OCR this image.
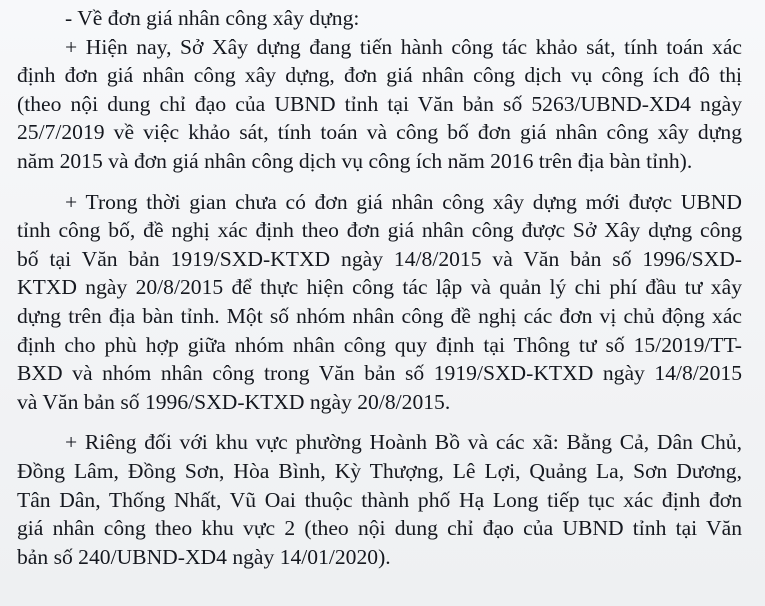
- Về đơn giá nhân công xây dựng:
+ Hiện nay, Sở Xây dựng đang tiến hành công tác khảo sát, tính toán xác
định đơn giá nhân công xây dựng, đơn giá nhân công dịch vụ công ích đô thị
(theo nội dung chỉ đạo của UBND tỉnh tại Văn bản số 5263/UBND-XD4 ngày
25/7/2019 về việc khảo sát, tính toán và công bố đơn giá nhân công xây dựng
năm 2015 và đơn giá nhân công dịch vụ công ích năm 2016 trên địa bàn tỉnh).
+ Trong thời gian chưa có đơn giá nhân công xây dựng mới được UBND
tỉnh công bố, đề nghị xác định theo đơn giá nhân công được Sở Xây dựng công
bố tại Văn bản 1919/SXD-KTXD ngày 14/8/2015 và Văn bản số 1996/SXD-
KTXD ngày 20/8/2015 để thực hiện công tác lập và quản lý chi phí đầu tư xây
dựng trên địa bàn tỉnh. Một số nhóm nhân công đề nghị các đơn vị chủ động xác
định cho phù hợp giữa nhóm nhân công quy định tại Thông tư số 15/2019/TT-
BXD và nhóm nhân công trong Văn bản số 1919/SXD-KTXD ngày 14/8/2015
và Văn bản số 1996/SXD-KTXD ngày 20/8/2015.
+ Riêng đối với khu vực phường Hoành Bồ và các xã: Bằng Cả, Dân Chủ,
Đồng Lâm, Đồng Sơn, Hòa Bình, Kỳ Thượng, Lê Lợi, Quảng La, Sơn Dương,
Tân Dân, Thống Nhất, Vũ Oai thuộc thành phố Hạ Long tiếp tục xác định đơn
giá nhân công theo khu vực 2 (theo nội dung chỉ đạo của UBND tỉnh tại Văn
bản số 240/UBND-XD4 ngày 14/01/2020).
